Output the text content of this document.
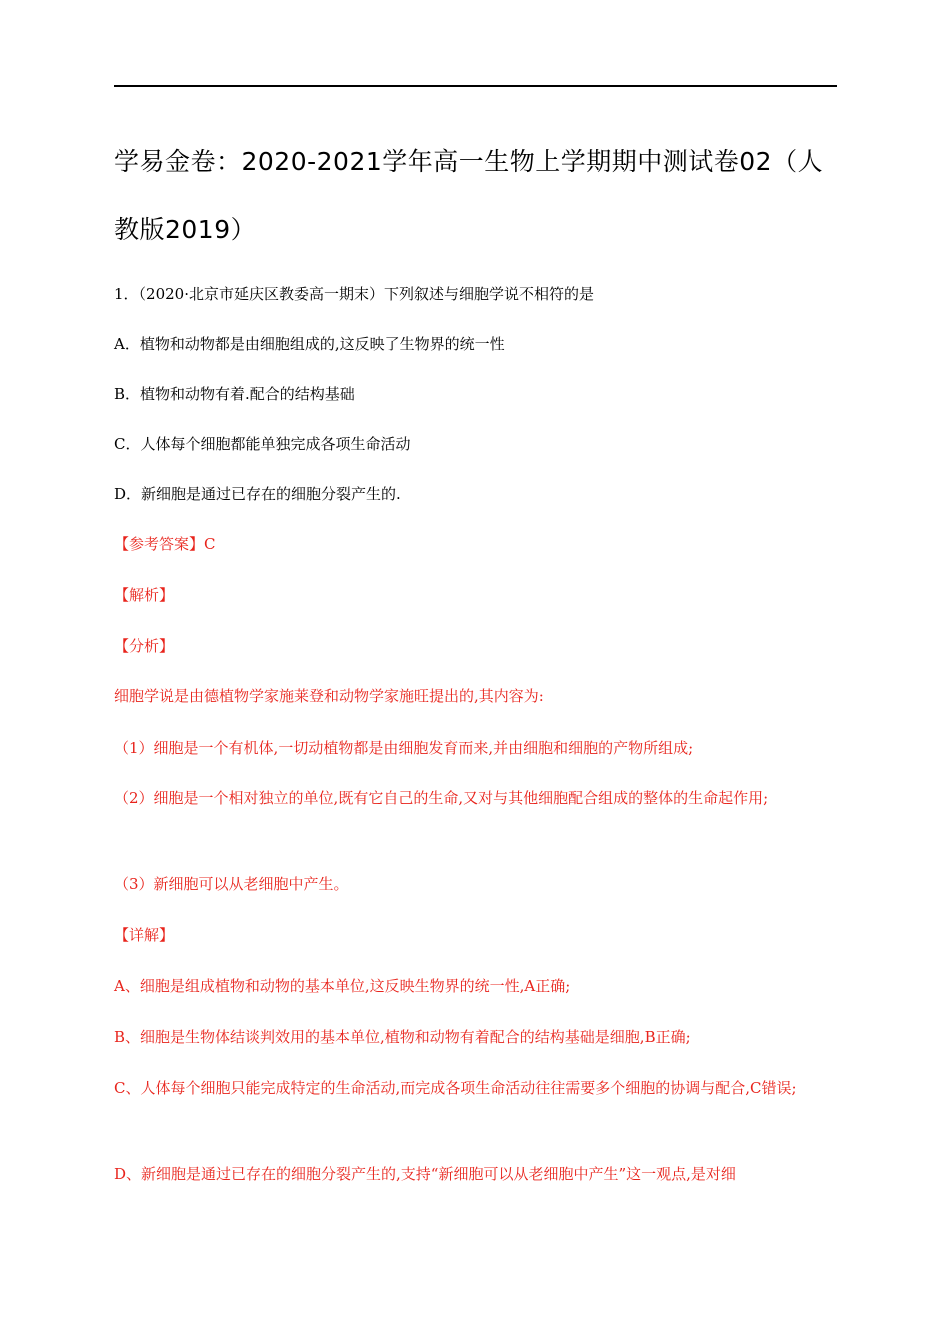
学易金卷：2020-2021学年高一生物上学期期中测试卷02（人教版2019）
1．（2020·北京市延庆区教委高一期末）下列叙述与细胞学说不相符的是
A．植物和动物都是由细胞组成的,这反映了生物界的统一性
B．植物和动物有着.配合的结构基础
C．人体每个细胞都能单独完成各项生命活动
D．新细胞是通过已存在的细胞分裂产生的.
【参考答案】C
【解析】
【分析】
细胞学说是由德植物学家施莱登和动物学家施旺提出的,其内容为:
（1）细胞是一个有机体,一切动植物都是由细胞发育而来,并由细胞和细胞的产物所组成;
（2）细胞是一个相对独立的单位,既有它自己的生命,又对与其他细胞配合组成的整体的生命起作用;
（3）新细胞可以从老细胞中产生。
【详解】
A、细胞是组成植物和动物的基本单位,这反映生物界的统一性,A正确;
B、细胞是生物体结谈判效用的基本单位,植物和动物有着配合的结构基础是细胞,B正确;
C、人体每个细胞只能完成特定的生命活动,而完成各项生命活动往往需要多个细胞的协调与配合,C错误;
D、新细胞是通过已存在的细胞分裂产生的,支持“新细胞可以从老细胞中产生”这一观点,是对细
